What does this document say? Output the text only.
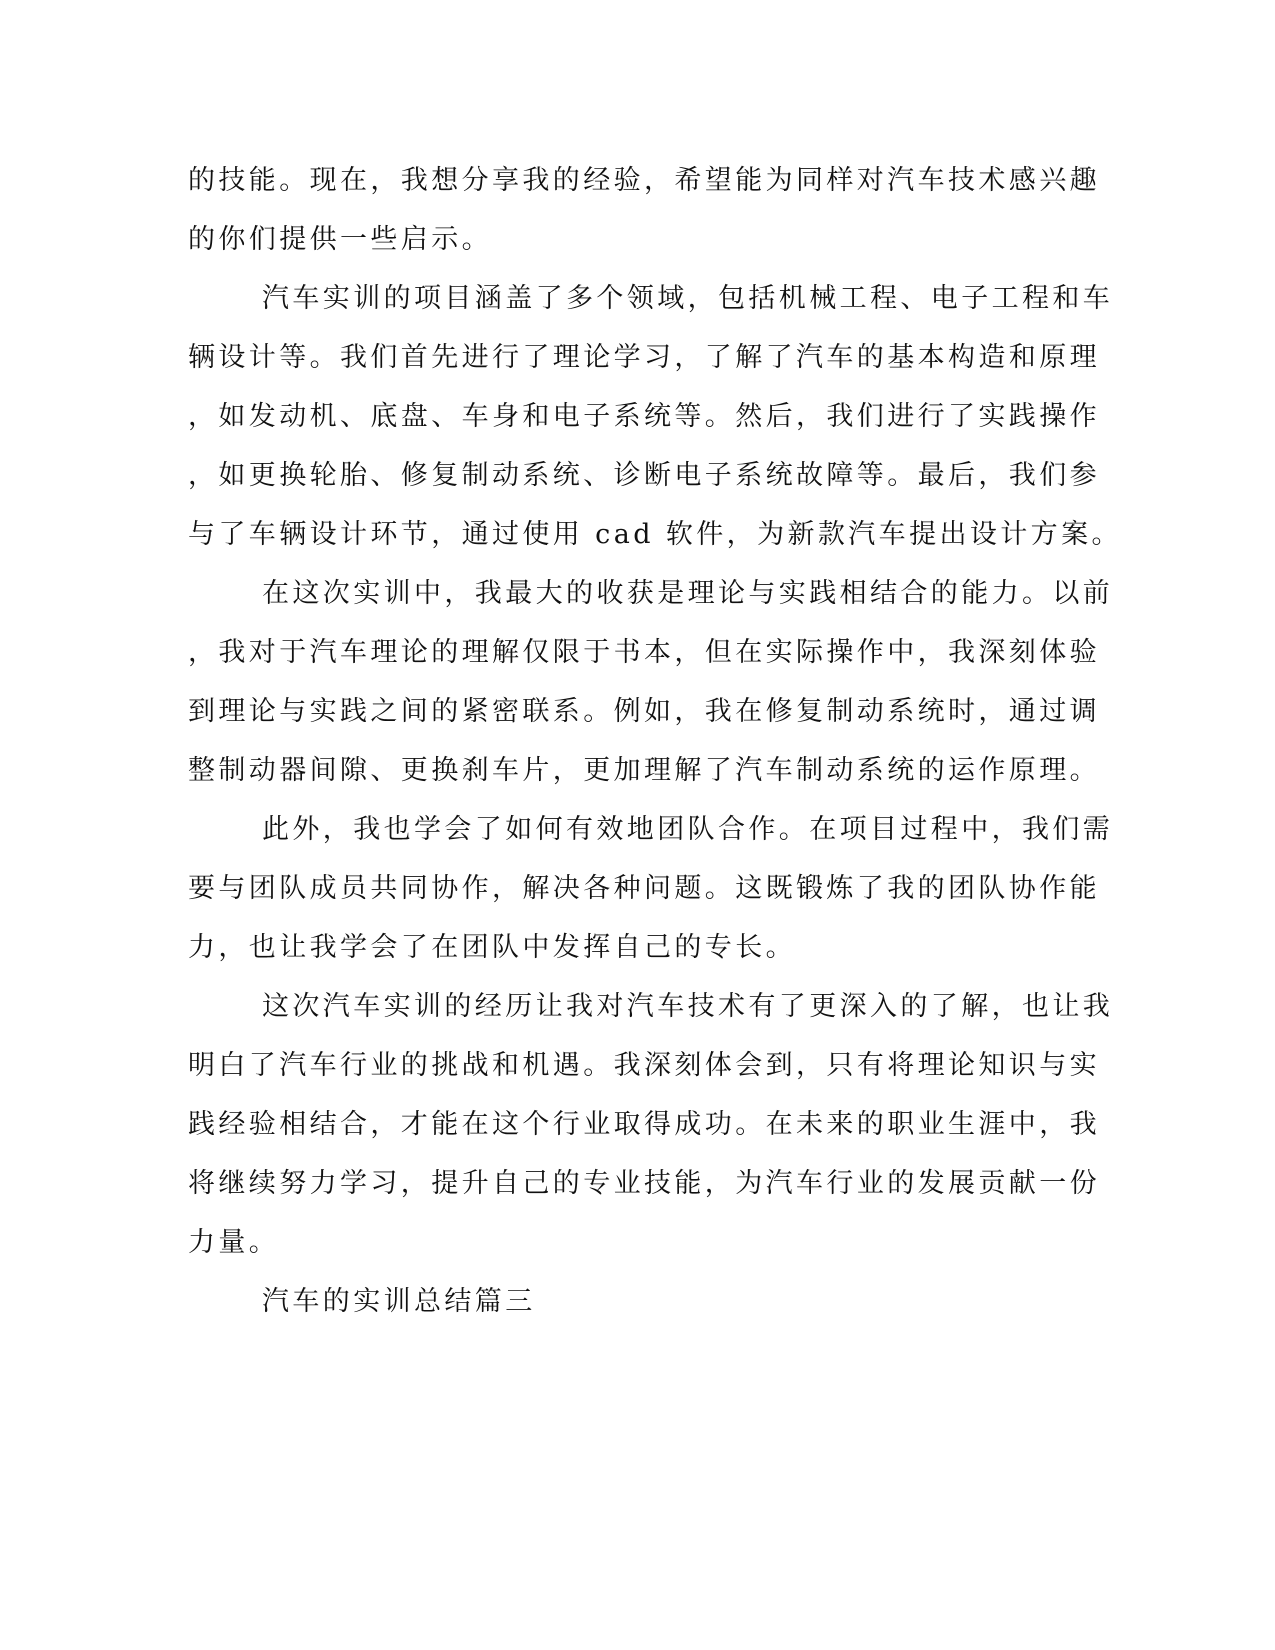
的技能。现在，我想分享我的经验，希望能为同样对汽车技术感兴趣
的你们提供一些启示。
汽车实训的项目涵盖了多个领域，包括机械工程、电子工程和车
辆设计等。我们首先进行了理论学习，了解了汽车的基本构造和原理
，如发动机、底盘、车身和电子系统等。然后，我们进行了实践操作
，如更换轮胎、修复制动系统、诊断电子系统故障等。最后，我们参
与了车辆设计环节，通过使用 cad 软件，为新款汽车提出设计方案。
在这次实训中，我最大的收获是理论与实践相结合的能力。以前
，我对于汽车理论的理解仅限于书本，但在实际操作中，我深刻体验
到理论与实践之间的紧密联系。例如，我在修复制动系统时，通过调
整制动器间隙、更换刹车片，更加理解了汽车制动系统的运作原理。
此外，我也学会了如何有效地团队合作。在项目过程中，我们需
要与团队成员共同协作，解决各种问题。这既锻炼了我的团队协作能
力，也让我学会了在团队中发挥自己的专长。
这次汽车实训的经历让我对汽车技术有了更深入的了解，也让我
明白了汽车行业的挑战和机遇。我深刻体会到，只有将理论知识与实
践经验相结合，才能在这个行业取得成功。在未来的职业生涯中，我
将继续努力学习，提升自己的专业技能，为汽车行业的发展贡献一份
力量。
汽车的实训总结篇三
